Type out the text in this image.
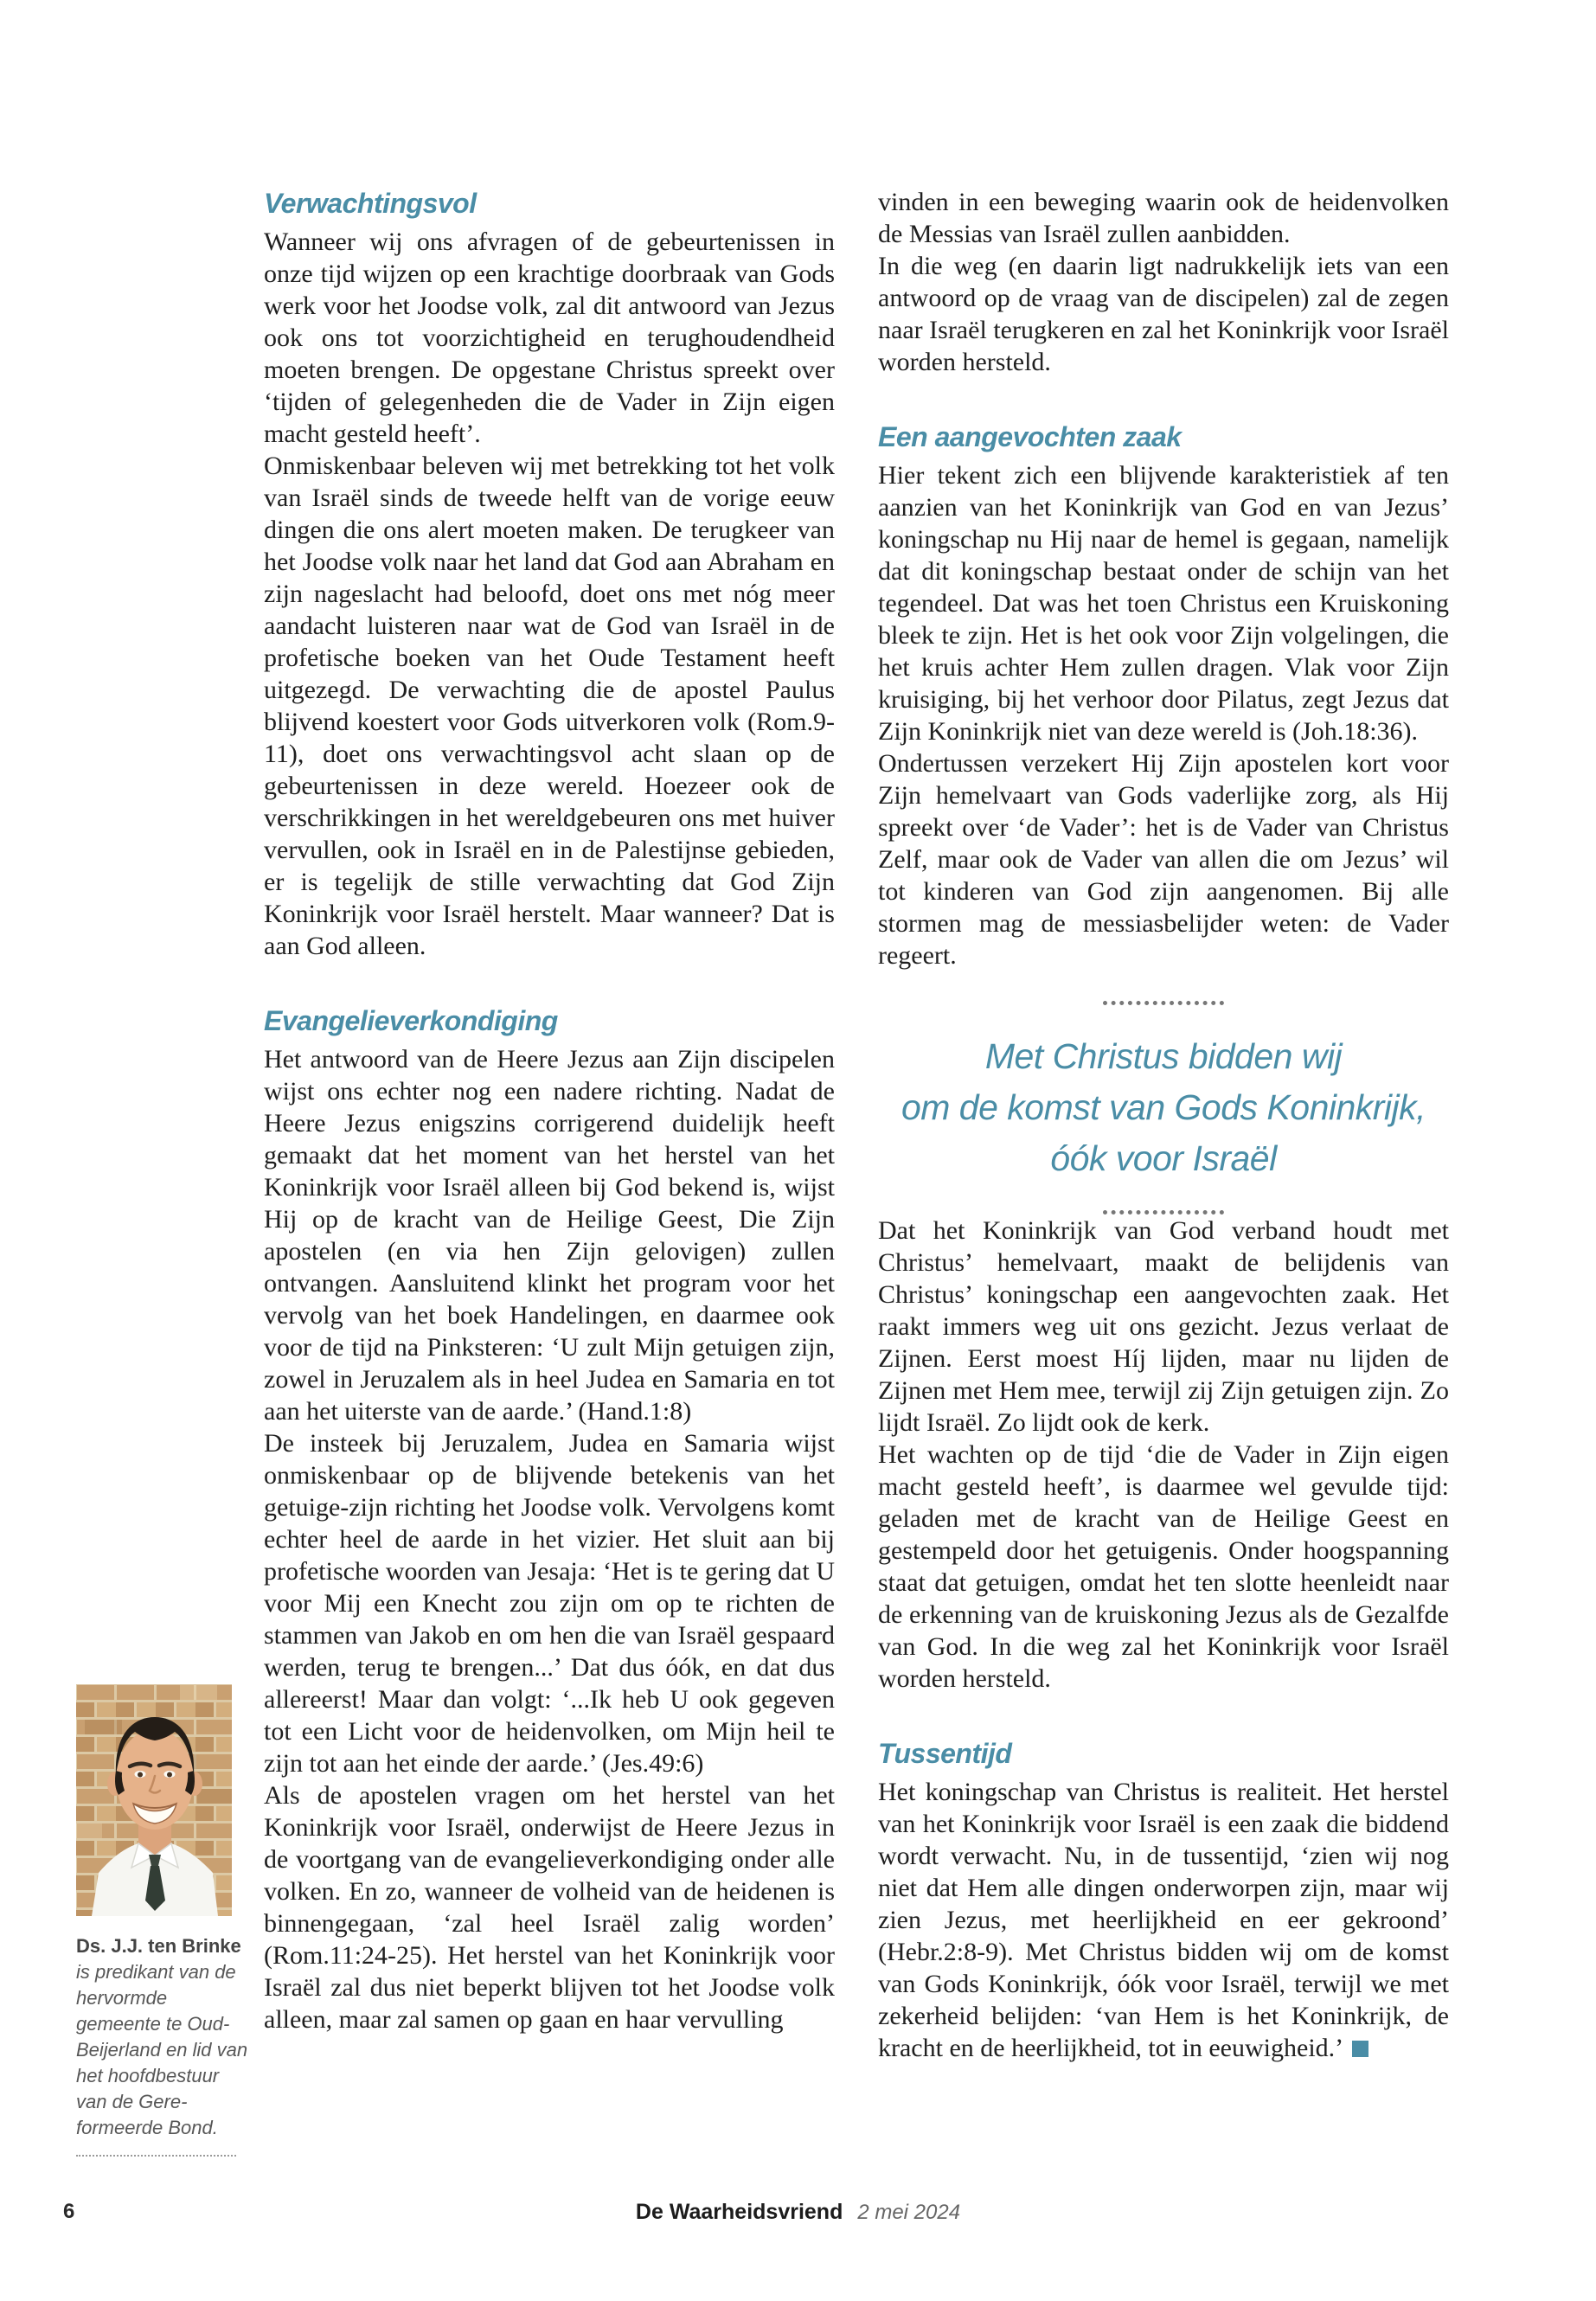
Verwachtingsvol

Wanneer wij ons afvragen of de gebeurtenissen in onze tijd wijzen op een krachtige doorbraak van Gods werk voor het Joodse volk, zal dit antwoord van Jezus ook ons tot voorzichtigheid en terughoudendheid moeten brengen. De opgestane Christus spreekt over ‘tijden of gelegenheden die de Vader in Zijn eigen macht gesteld heeft’.

Onmiskenbaar beleven wij met betrekking tot het volk van Israël sinds de tweede helft van de vorige eeuw dingen die ons alert moeten maken. De terugkeer van het Joodse volk naar het land dat God aan Abraham en zijn nageslacht had beloofd, doet ons met nóg meer aandacht luisteren naar wat de God van Israël in de profetische boeken van het Oude Testament heeft uitgezegd. De verwachting die de apostel Paulus blijvend koestert voor Gods uitverkoren volk (Rom.9-11), doet ons verwachtingsvol acht slaan op de gebeurtenissen in deze wereld. Hoezeer ook de verschrikkingen in het wereldgebeuren ons met huiver vervullen, ook in Israël en in de Palestijnse gebieden, er is tegelijk de stille verwachting dat God Zijn Koninkrijk voor Israël herstelt. Maar wanneer? Dat is aan God alleen.

Evangelieverkondiging

Het antwoord van de Heere Jezus aan Zijn discipelen wijst ons echter nog een nadere richting. Nadat de Heere Jezus enigszins corrigerend duidelijk heeft gemaakt dat het moment van het herstel van het Koninkrijk voor Israël alleen bij God bekend is, wijst Hij op de kracht van de Heilige Geest, Die Zijn apostelen (en via hen Zijn gelovigen) zullen ontvangen. Aansluitend klinkt het program voor het vervolg van het boek Handelingen, en daarmee ook voor de tijd na Pinksteren: ‘U zult Mijn getuigen zijn, zowel in Jeruzalem als in heel Judea en Samaria en tot aan het uiterste van de aarde.’ (Hand.1:8)

De insteek bij Jeruzalem, Judea en Samaria wijst onmiskenbaar op de blijvende betekenis van het getuige-zijn richting het Joodse volk. Vervolgens komt echter heel de aarde in het vizier. Het sluit aan bij profetische woorden van Jesaja: ‘Het is te gering dat U voor Mij een Knecht zou zijn om op te richten de stammen van Jakob en om hen die van Israël gespaard werden, terug te brengen...’ Dat dus óók, en dat dus allereerst! Maar dan volgt: ‘...Ik heb U ook gegeven tot een Licht voor de heidenvolken, om Mijn heil te zijn tot aan het einde der aarde.’ (Jes.49:6)

Als de apostelen vragen om het herstel van het Koninkrijk voor Israël, onderwijst de Heere Jezus in de voortgang van de evangelieverkondiging onder alle volken. En zo, wanneer de volheid van de heidenen is binnengegaan, ‘zal heel Israël zalig worden’ (Rom.11:24-25). Het herstel van het Koninkrijk voor Israël zal dus niet beperkt blijven tot het Joodse volk alleen, maar zal samen op gaan en haar vervulling

vinden in een beweging waarin ook de heidenvolken de Messias van Israël zullen aanbidden.

In die weg (en daarin ligt nadrukkelijk iets van een antwoord op de vraag van de discipelen) zal de zegen naar Israël terugkeren en zal het Koninkrijk voor Israël worden hersteld.

Een aangevochten zaak

Hier tekent zich een blijvende karakteristiek af ten aanzien van het Koninkrijk van God en van Jezus’ koningschap nu Hij naar de hemel is gegaan, namelijk dat dit koningschap bestaat onder de schijn van het tegendeel. Dat was het toen Christus een Kruiskoning bleek te zijn. Het is het ook voor Zijn volgelingen, die het kruis achter Hem zullen dragen. Vlak voor Zijn kruisiging, bij het verhoor door Pilatus, zegt Jezus dat Zijn Koninkrijk niet van deze wereld is (Joh.18:36).

Ondertussen verzekert Hij Zijn apostelen kort voor Zijn hemelvaart van Gods vaderlijke zorg, als Hij spreekt over ‘de Vader’: het is de Vader van Christus Zelf, maar ook de Vader van allen die om Jezus’ wil tot kinderen van God zijn aangenomen. Bij alle stormen mag de messiasbelijder weten: de Vader regeert.

Met Christus bidden wij
om de komst van Gods Koninkrijk,
óók voor Israël

Dat het Koninkrijk van God verband houdt met Christus’ hemelvaart, maakt de belijdenis van Christus’ koningschap een aangevochten zaak. Het raakt immers weg uit ons gezicht. Jezus verlaat de Zijnen. Eerst moest Híj lijden, maar nu lijden de Zijnen met Hem mee, terwijl zij Zijn getuigen zijn. Zo lijdt Israël. Zo lijdt ook de kerk.

Het wachten op de tijd ‘die de Vader in Zijn eigen macht gesteld heeft’, is daarmee wel gevulde tijd: geladen met de kracht van de Heilige Geest en gestempeld door het getuigenis. Onder hoogspanning staat dat getuigen, omdat het ten slotte heenleidt naar de erkenning van de kruiskoning Jezus als de Gezalfde van God. In die weg zal het Koninkrijk voor Israël worden hersteld.

Tussentijd

Het koningschap van Christus is realiteit. Het herstel van het Koninkrijk voor Israël is een zaak die biddend wordt verwacht. Nu, in de tussentijd, ‘zien wij nog niet dat Hem alle dingen onderworpen zijn, maar wij zien Jezus, met heerlijkheid en eer gekroond’ (Hebr.2:8-9). Met Christus bidden wij om de komst van Gods Koninkrijk, óók voor Israël, terwijl we met zekerheid belijden: ‘van Hem is het Koninkrijk, de kracht en de heerlijkheid, tot in eeuwigheid.’

Ds. J.J. ten Brinke
is predikant van de hervormde gemeente te Oud-Beijerland en lid van het hoofdbestuur van de Gereformeerde Bond.
6	De Waarheidsvriend 2 mei 2024
